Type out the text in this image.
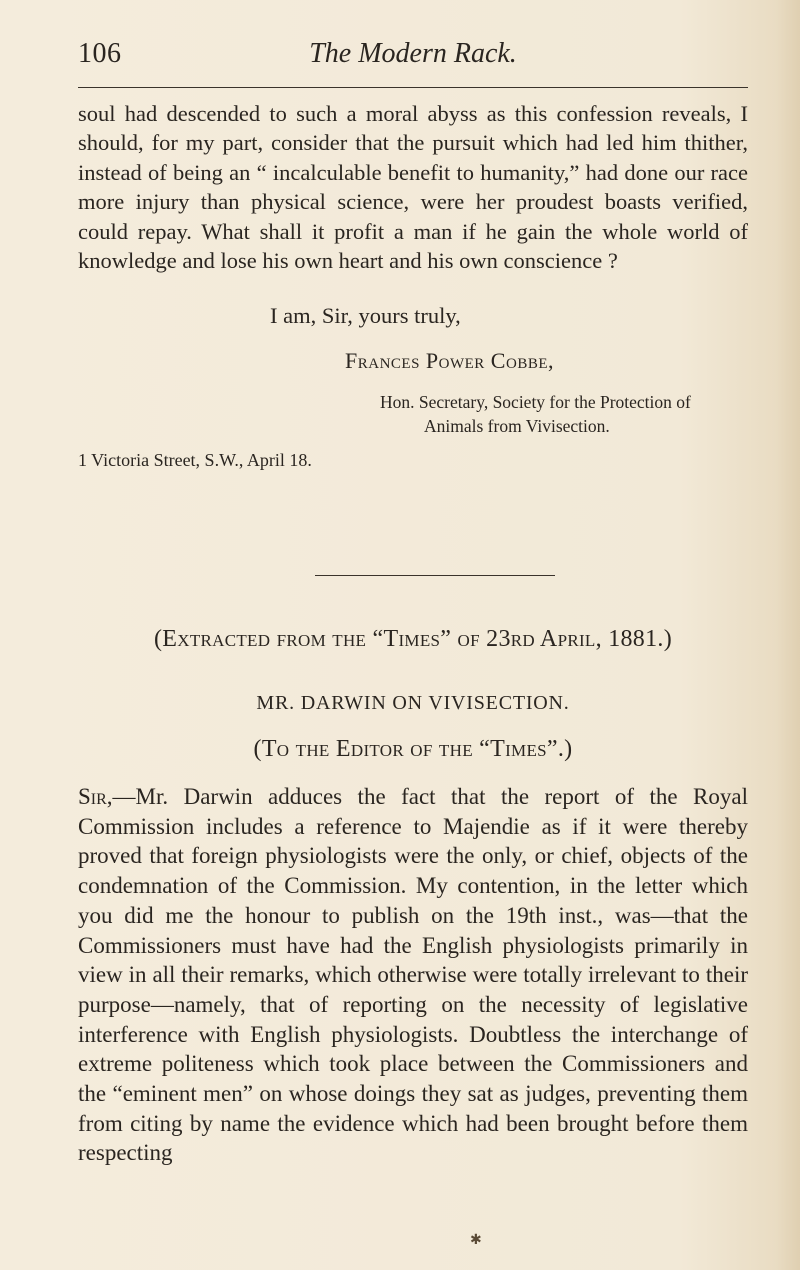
106	The Modern Rack.
soul had descended to such a moral abyss as this confession reveals, I should, for my part, consider that the pursuit which had led him thither, instead of being an “ incalculable benefit to humanity,” had done our race more injury than physical science, were her proudest boasts verified, could repay. What shall it profit a man if he gain the whole world of knowledge and lose his own heart and his own conscience ?
I am, Sir, yours truly,
Frances Power Cobbe,
Hon. Secretary, Society for the Protection of
Animals from Vivisection.
1 Victoria Street, S.W., April 18.
(Extracted from the “Times” of 23rd April, 1881.)
MR. DARWIN ON VIVISECTION.
(To the Editor of the “Times”.)
Sir,—Mr. Darwin adduces the fact that the report of the Royal Commission includes a reference to Majendie as if it were thereby proved that foreign physiologists were the only, or chief, objects of the condemnation of the Commission. My contention, in the letter which you did me the honour to publish on the 19th inst., was—that the Commissioners must have had the English physiologists primarily in view in all their remarks, which otherwise were totally irrelevant to their purpose—namely, that of reporting on the necessity of legislative interference with English physiologists. Doubtless the interchange of extreme politeness which took place between the Commissioners and the “eminent men” on whose doings they sat as judges, preventing them from citing by name the evidence which had been brought before them respecting
✱
